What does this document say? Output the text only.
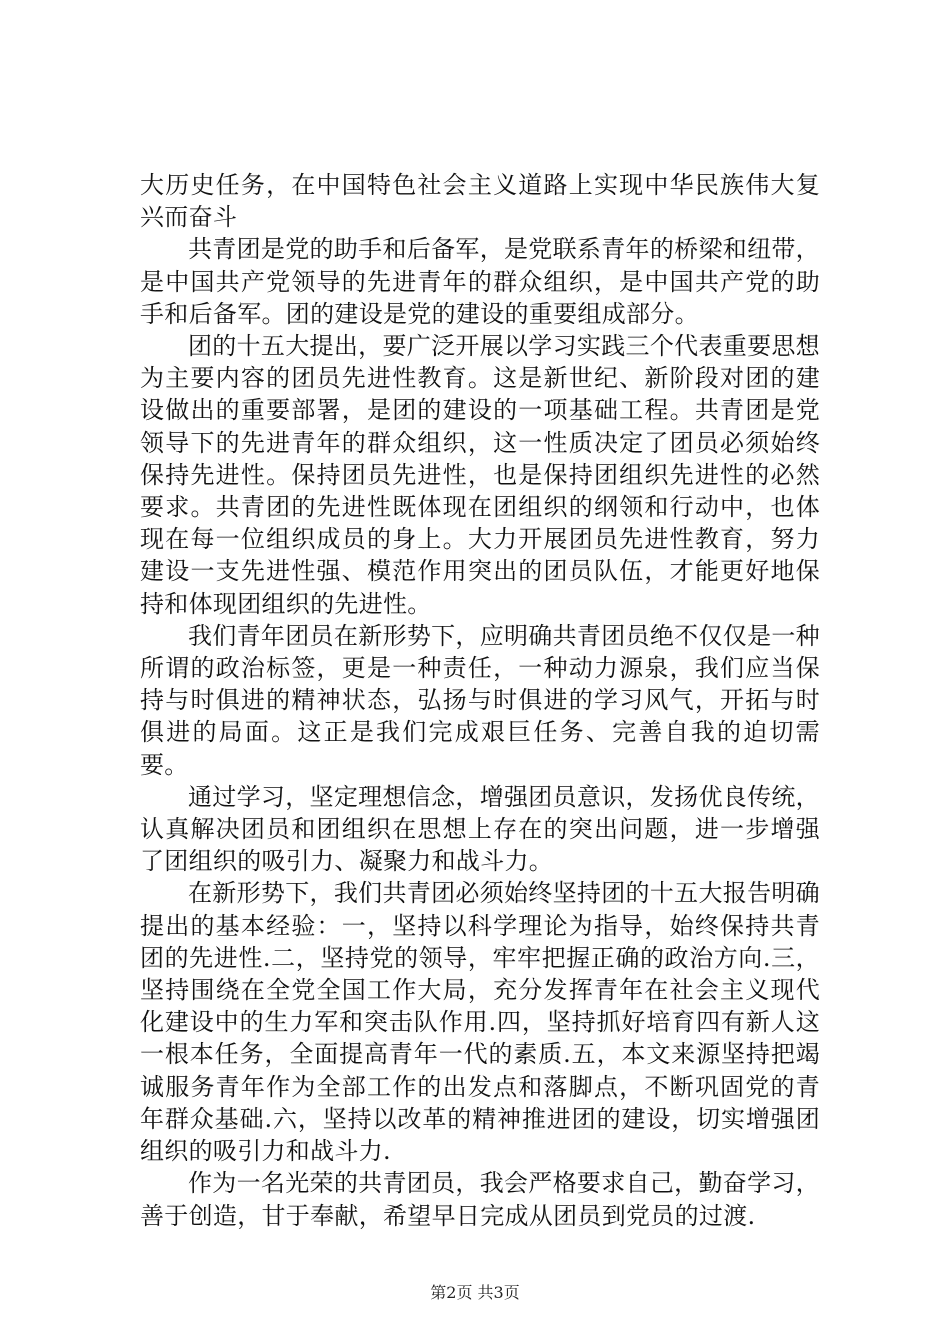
大历史任务，在中国特色社会主义道路上实现中华民族伟大复兴而奋斗

共青团是党的助手和后备军，是党联系青年的桥梁和纽带，是中国共产党领导的先进青年的群众组织，是中国共产党的助手和后备军。团的建设是党的建设的重要组成部分。

团的十五大提出，要广泛开展以学习实践三个代表重要思想为主要内容的团员先进性教育。这是新世纪、新阶段对团的建设做出的重要部署，是团的建设的一项基础工程。共青团是党领导下的先进青年的群众组织，这一性质决定了团员必须始终保持先进性。保持团员先进性，也是保持团组织先进性的必然要求。共青团的先进性既体现在团组织的纲领和行动中，也体现在每一位组织成员的身上。大力开展团员先进性教育，努力建设一支先进性强、模范作用突出的团员队伍，才能更好地保持和体现团组织的先进性。

我们青年团员在新形势下，应明确共青团员绝不仅仅是一种所谓的政治标签，更是一种责任，一种动力源泉，我们应当保持与时俱进的精神状态，弘扬与时俱进的学习风气，开拓与时俱进的局面。这正是我们完成艰巨任务、完善自我的迫切需要。

通过学习，坚定理想信念，增强团员意识，发扬优良传统，认真解决团员和团组织在思想上存在的突出问题，进一步增强了团组织的吸引力、凝聚力和战斗力。

在新形势下，我们共青团必须始终坚持团的十五大报告明确提出的基本经验：一，坚持以科学理论为指导，始终保持共青团的先进性.二，坚持党的领导，牢牢把握正确的政治方向.三，坚持围绕在全党全国工作大局，充分发挥青年在社会主义现代化建设中的生力军和突击队作用.四，坚持抓好培育四有新人这一根本任务，全面提高青年一代的素质.五，本文来源坚持把竭诚服务青年作为全部工作的出发点和落脚点，不断巩固党的青年群众基础.六，坚持以改革的精神推进团的建设，切实增强团组织的吸引力和战斗力.

作为一名光荣的共青团员，我会严格要求自己，勤奋学习，善于创造，甘于奉献，希望早日完成从团员到党员的过渡.

第2页 共3页
